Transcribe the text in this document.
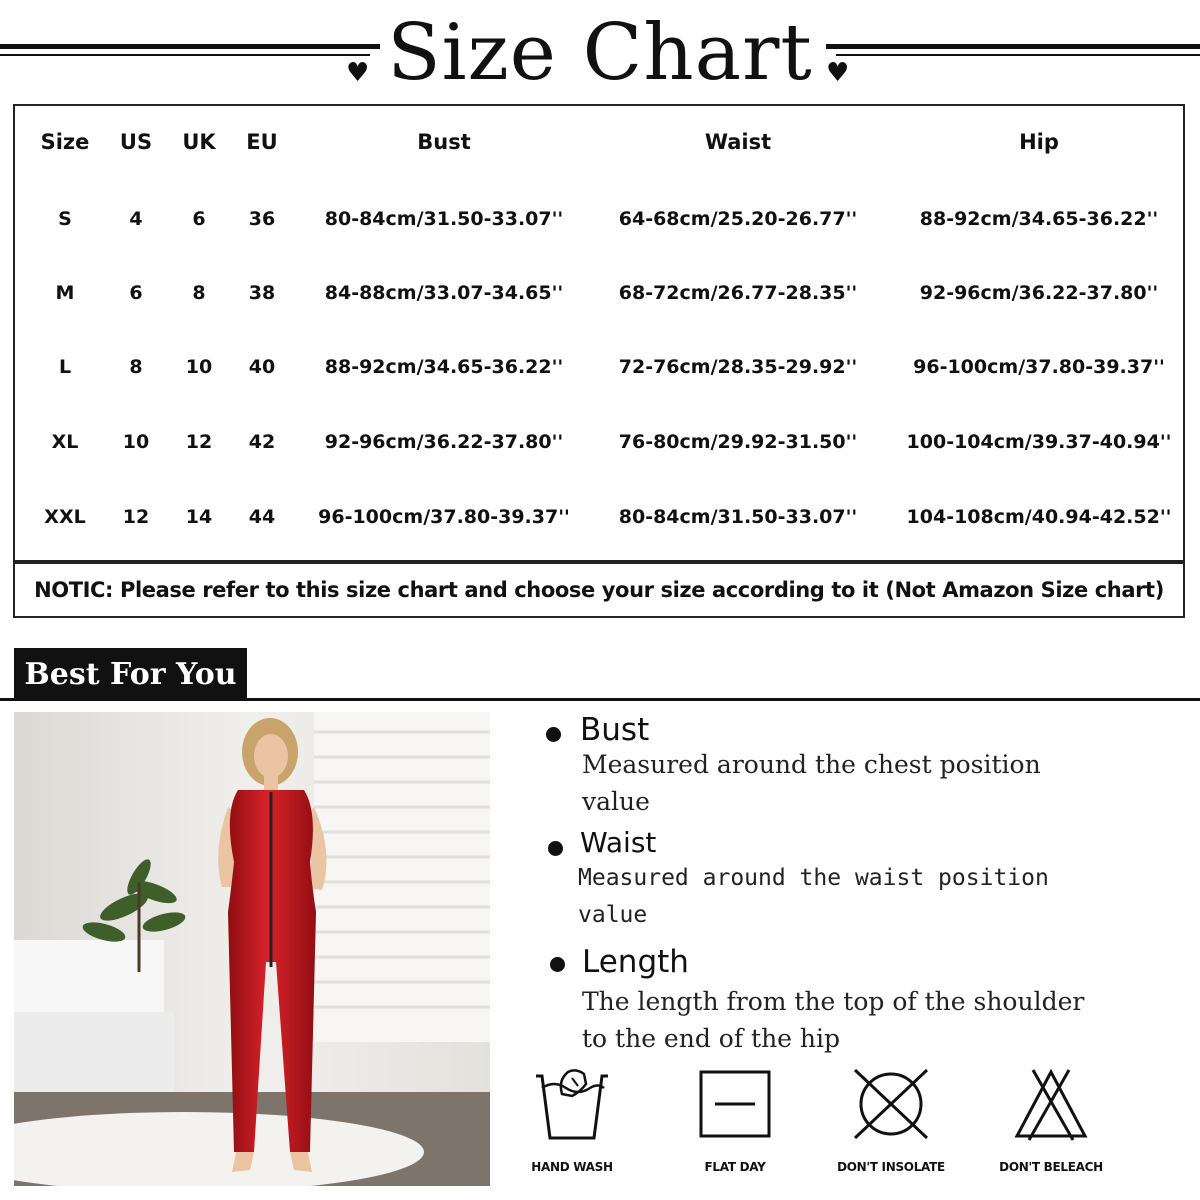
♥ Size Chart ♥
Size US UK EU	Bust	Waist	Hip
S	4	6 36	80-84cm/31.50-33.07''	64-68cm/25.20-26.77''	88-92cm/34.65-36.22''
M	6	8 38	84-88cm/33.07-34.65''	68-72cm/26.77-28.35''	92-96cm/36.22-37.80''
L	8 10 40	88-92cm/34.65-36.22''	72-76cm/28.35-29.92''	96-100cm/37.80-39.37''
XL 10 12 42	92-96cm/36.22-37.80''	76-80cm/29.92-31.50''	100-104cm/39.37-40.94''
XXL 12 14 44 96-100cm/37.80-39.37''	80-84cm/31.50-33.07''	104-108cm/40.94-42.52''
NOTIC: Please refer to this size chart and choose your size according to it (Not Amazon Size chart)
Best For You
Bust
Measured around the chest position value
Waist
Measured around the waist position value
Length
The length from the top of the shoulder to the end of the hip
HAND WASH	FLAT DAY	DON'T INSOLATE	DON'T BELEACH
